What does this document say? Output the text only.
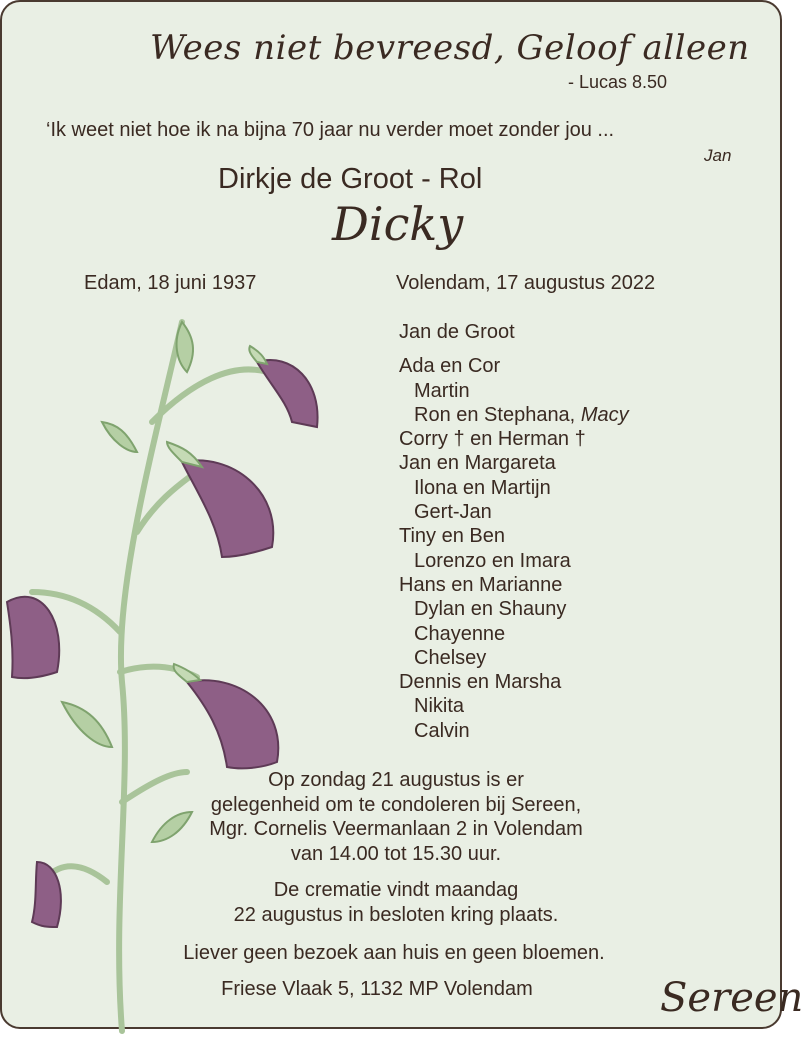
Wees niet bevreesd, Geloof alleen
- Lucas 8.50
‘Ik weet niet hoe ik na bijna 70 jaar nu verder moet zonder jou ...
Jan
Dirkje de Groot - Rol
Dicky
Edam, 18 juni 1937	Volendam, 17 augustus 2022
Jan de Groot
Ada en Cor
Martin
Ron en Stephana, Macy
Corry † en Herman †
Jan en Margareta
Ilona en Martijn
Gert-Jan
Tiny en Ben
Lorenzo en Imara
Hans en Marianne
Dylan en Shauny
Chayenne
Chelsey
Dennis en Marsha
Nikita
Calvin
Op zondag 21 augustus is er
gelegenheid om te condoleren bij Sereen,
Mgr. Cornelis Veermanlaan 2 in Volendam
van 14.00 tot 15.30 uur.
De crematie vindt maandag
22 augustus in besloten kring plaats.
Liever geen bezoek aan huis en geen bloemen.
Friese Vlaak 5, 1132 MP Volendam	Sereen
